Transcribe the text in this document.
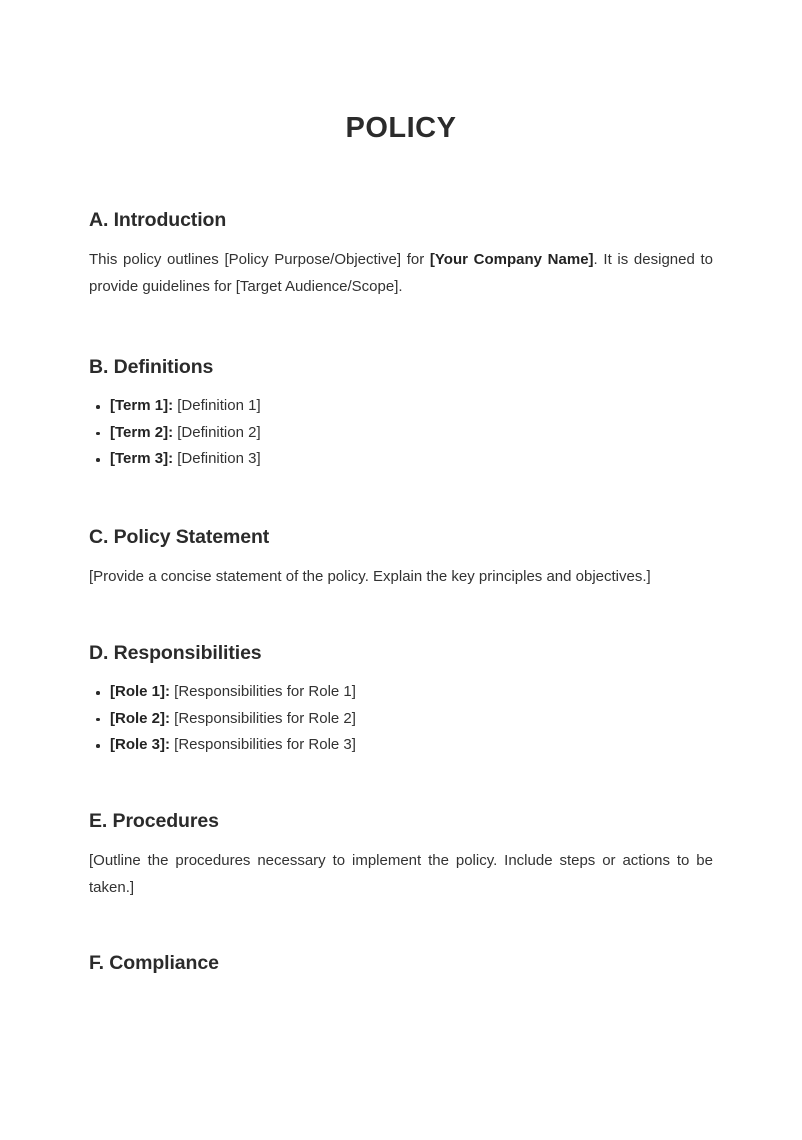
POLICY
A. Introduction

This policy outlines [Policy Purpose/Objective] for [Your Company Name]. It is designed to provide guidelines for [Target Audience/Scope].

B. Definitions
[Term 1]: [Definition 1]
[Term 2]: [Definition 2]
[Term 3]: [Definition 3]
C. Policy Statement

[Provide a concise statement of the policy. Explain the key principles and objectives.]

D. Responsibilities
[Role 1]: [Responsibilities for Role 1]
[Role 2]: [Responsibilities for Role 2]
[Role 3]: [Responsibilities for Role 3]
E. Procedures

[Outline the procedures necessary to implement the policy. Include steps or actions to be taken.]

F. Compliance
